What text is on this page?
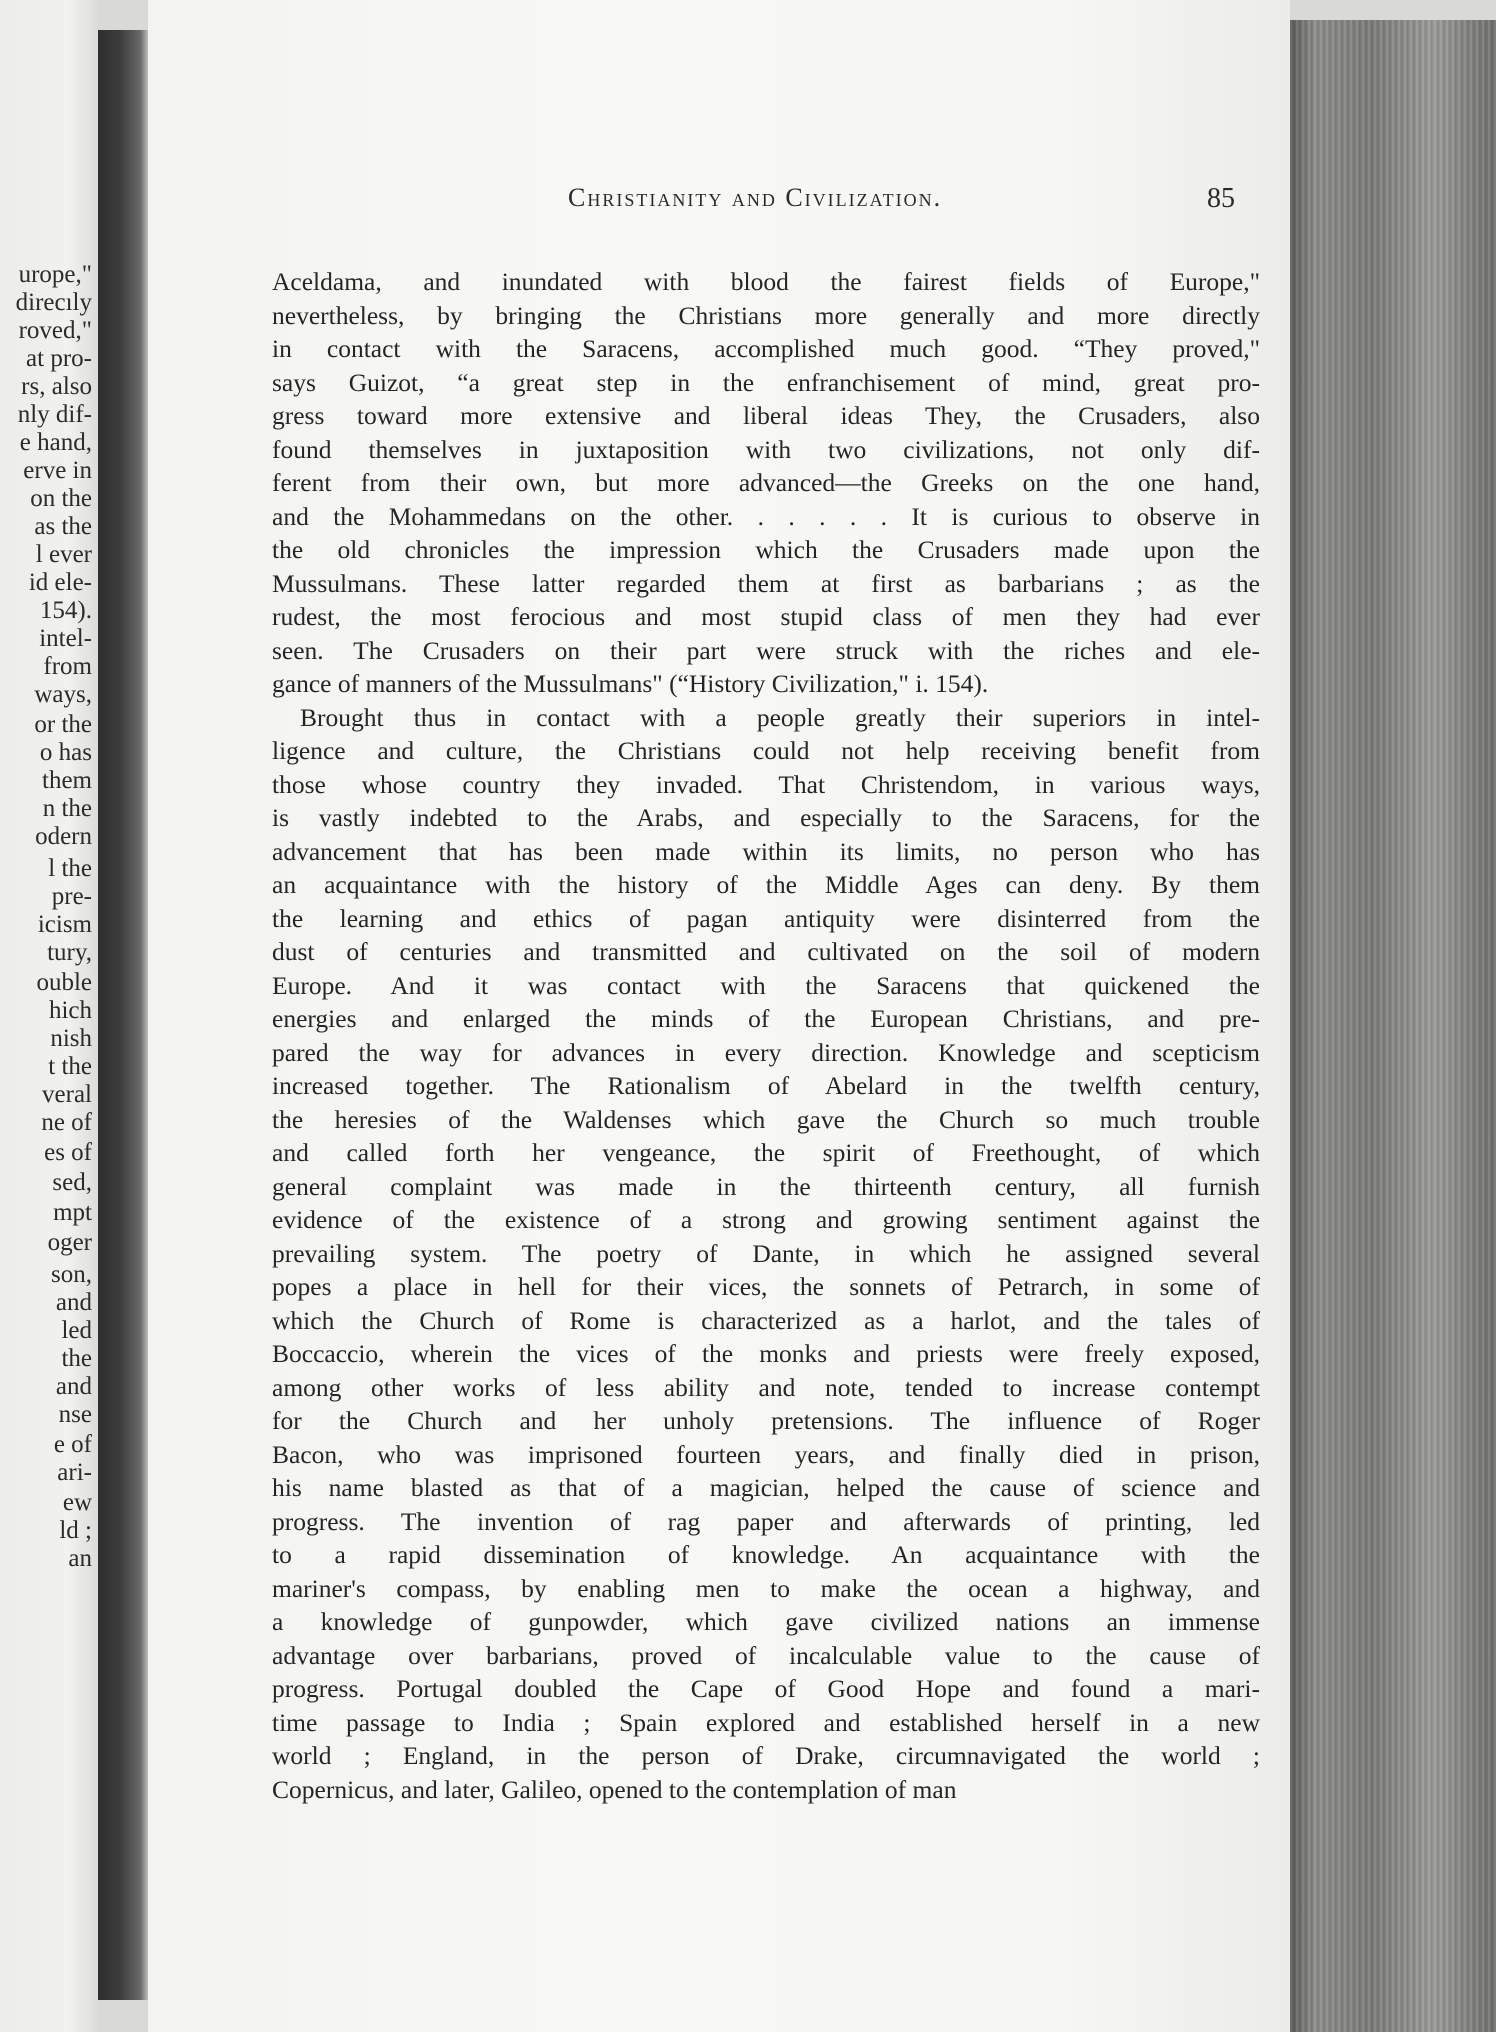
urope,"
direcıly
roved,"
at pro-
rs, also
nly dif-
e hand,
erve in
on the
as the
l ever
id ele-
154).
intel-
from
ways,
or the
o has
them
n the
odern
l the
pre-
icism
tury,
ouble
hich
nish
t the
veral
ne of
es of
sed,
mpt
oger
son,
and
led
the
and
nse
e of
ari-
ew
ld ;
an
Christianity and Civilization.	85
Aceldama, and inundated with blood the fairest fields of Europe,"
nevertheless, by bringing the Christians more generally and more directly
in contact with the Saracens, accomplished much good. “They proved,"
says Guizot, “a great step in the enfranchisement of mind, great pro-
gress toward more extensive and liberal ideas They, the Crusaders, also
found themselves in juxtaposition with two civilizations, not only dif-
ferent from their own, but more advanced—the Greeks on the one hand,
and the Mohammedans on the other. . . . . . It is curious to observe in
the old chronicles the impression which the Crusaders made upon the
Mussulmans. These latter regarded them at first as barbarians ; as the
rudest, the most ferocious and most stupid class of men they had ever
seen. The Crusaders on their part were struck with the riches and ele-
gance of manners of the Mussulmans" (“History Civilization," i. 154).
Brought thus in contact with a people greatly their superiors in intel-
ligence and culture, the Christians could not help receiving benefit from
those whose country they invaded. That Christendom, in various ways,
is vastly indebted to the Arabs, and especially to the Saracens, for the
advancement that has been made within its limits, no person who has
an acquaintance with the history of the Middle Ages can deny. By them
the learning and ethics of pagan antiquity were disinterred from the
dust of centuries and transmitted and cultivated on the soil of modern
Europe. And it was contact with the Saracens that quickened the
energies and enlarged the minds of the European Christians, and pre-
pared the way for advances in every direction. Knowledge and scepticism
increased together. The Rationalism of Abelard in the twelfth century,
the heresies of the Waldenses which gave the Church so much trouble
and called forth her vengeance, the spirit of Freethought, of which
general complaint was made in the thirteenth century, all furnish
evidence of the existence of a strong and growing sentiment against the
prevailing system. The poetry of Dante, in which he assigned several
popes a place in hell for their vices, the sonnets of Petrarch, in some of
which the Church of Rome is characterized as a harlot, and the tales of
Boccaccio, wherein the vices of the monks and priests were freely exposed,
among other works of less ability and note, tended to increase contempt
for the Church and her unholy pretensions. The influence of Roger
Bacon, who was imprisoned fourteen years, and finally died in prison,
his name blasted as that of a magician, helped the cause of science and
progress. The invention of rag paper and afterwards of printing, led
to a rapid dissemination of knowledge. An acquaintance with the
mariner's compass, by enabling men to make the ocean a highway, and
a knowledge of gunpowder, which gave civilized nations an immense
advantage over barbarians, proved of incalculable value to the cause of
progress. Portugal doubled the Cape of Good Hope and found a mari-
time passage to India ; Spain explored and established herself in a new
world ; England, in the person of Drake, circumnavigated the world ;
Copernicus, and later, Galileo, opened to the contemplation of man
